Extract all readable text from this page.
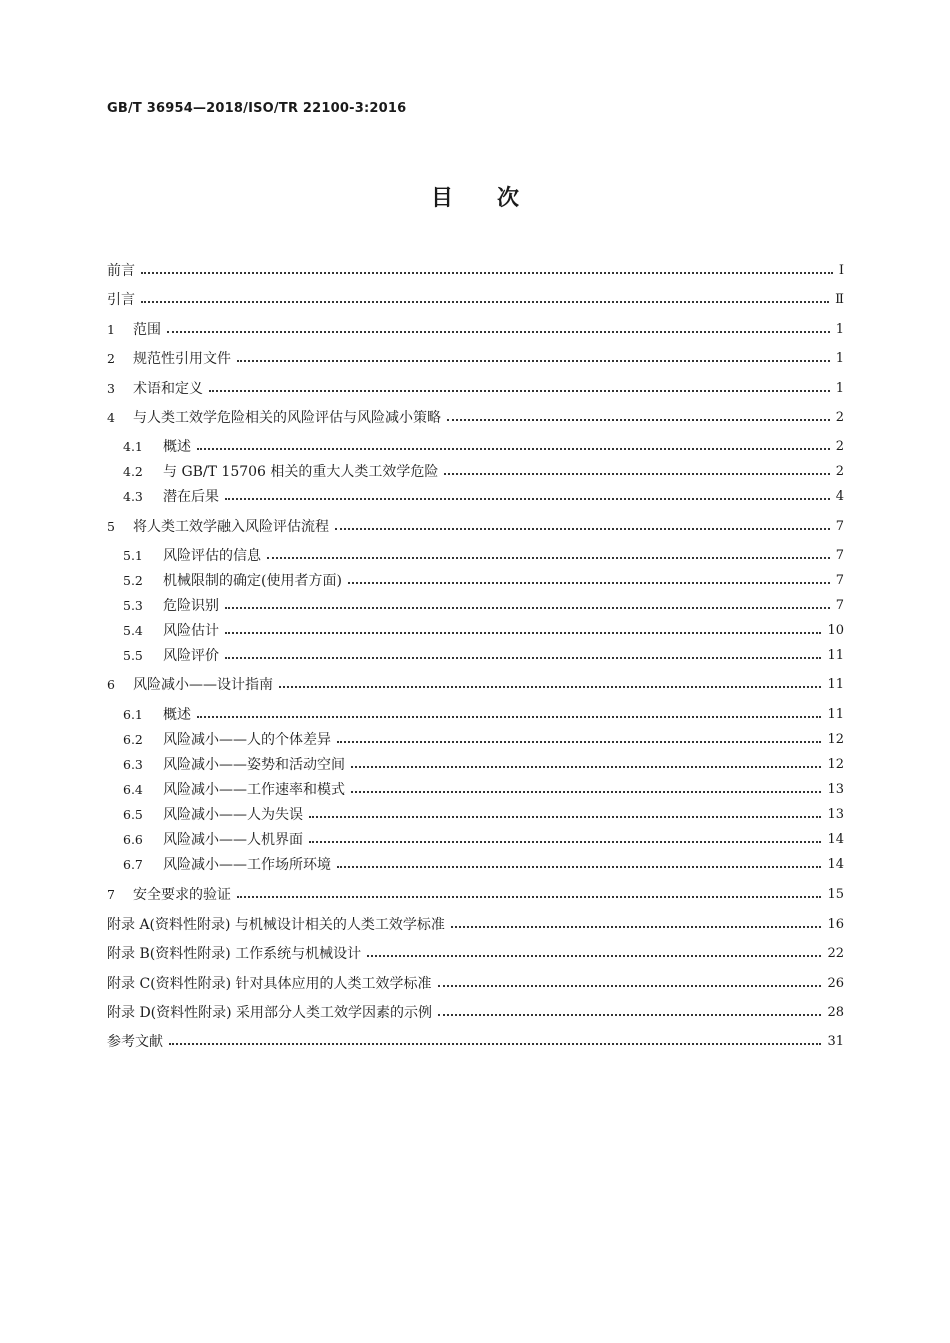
GB/T 36954—2018/ISO/TR 22100-3:2016
目次
前言	Ⅰ
引言	Ⅱ
1	范围	1
2	规范性引用文件	1
3	术语和定义	1
4	与人类工效学危险相关的风险评估与风险减小策略	2
4.1	概述	2
4.2	与 GB/T 15706 相关的重大人类工效学危险	2
4.3	潜在后果	4
5	将人类工效学融入风险评估流程	7
5.1	风险评估的信息	7
5.2	机械限制的确定(使用者方面)	7
5.3	危险识别	7
5.4	风险估计	10
5.5	风险评价	11
6	风险减小——设计指南	11
6.1	概述	11
6.2	风险减小——人的个体差异	12
6.3	风险减小——姿势和活动空间	12
6.4	风险减小——工作速率和模式	13
6.5	风险减小——人为失误	13
6.6	风险减小——人机界面	14
6.7	风险减小——工作场所环境	14
7	安全要求的验证	15
附录 A(资料性附录) 与机械设计相关的人类工效学标准	16
附录 B(资料性附录) 工作系统与机械设计	22
附录 C(资料性附录) 针对具体应用的人类工效学标准	26
附录 D(资料性附录) 采用部分人类工效学因素的示例	28
参考文献	31
